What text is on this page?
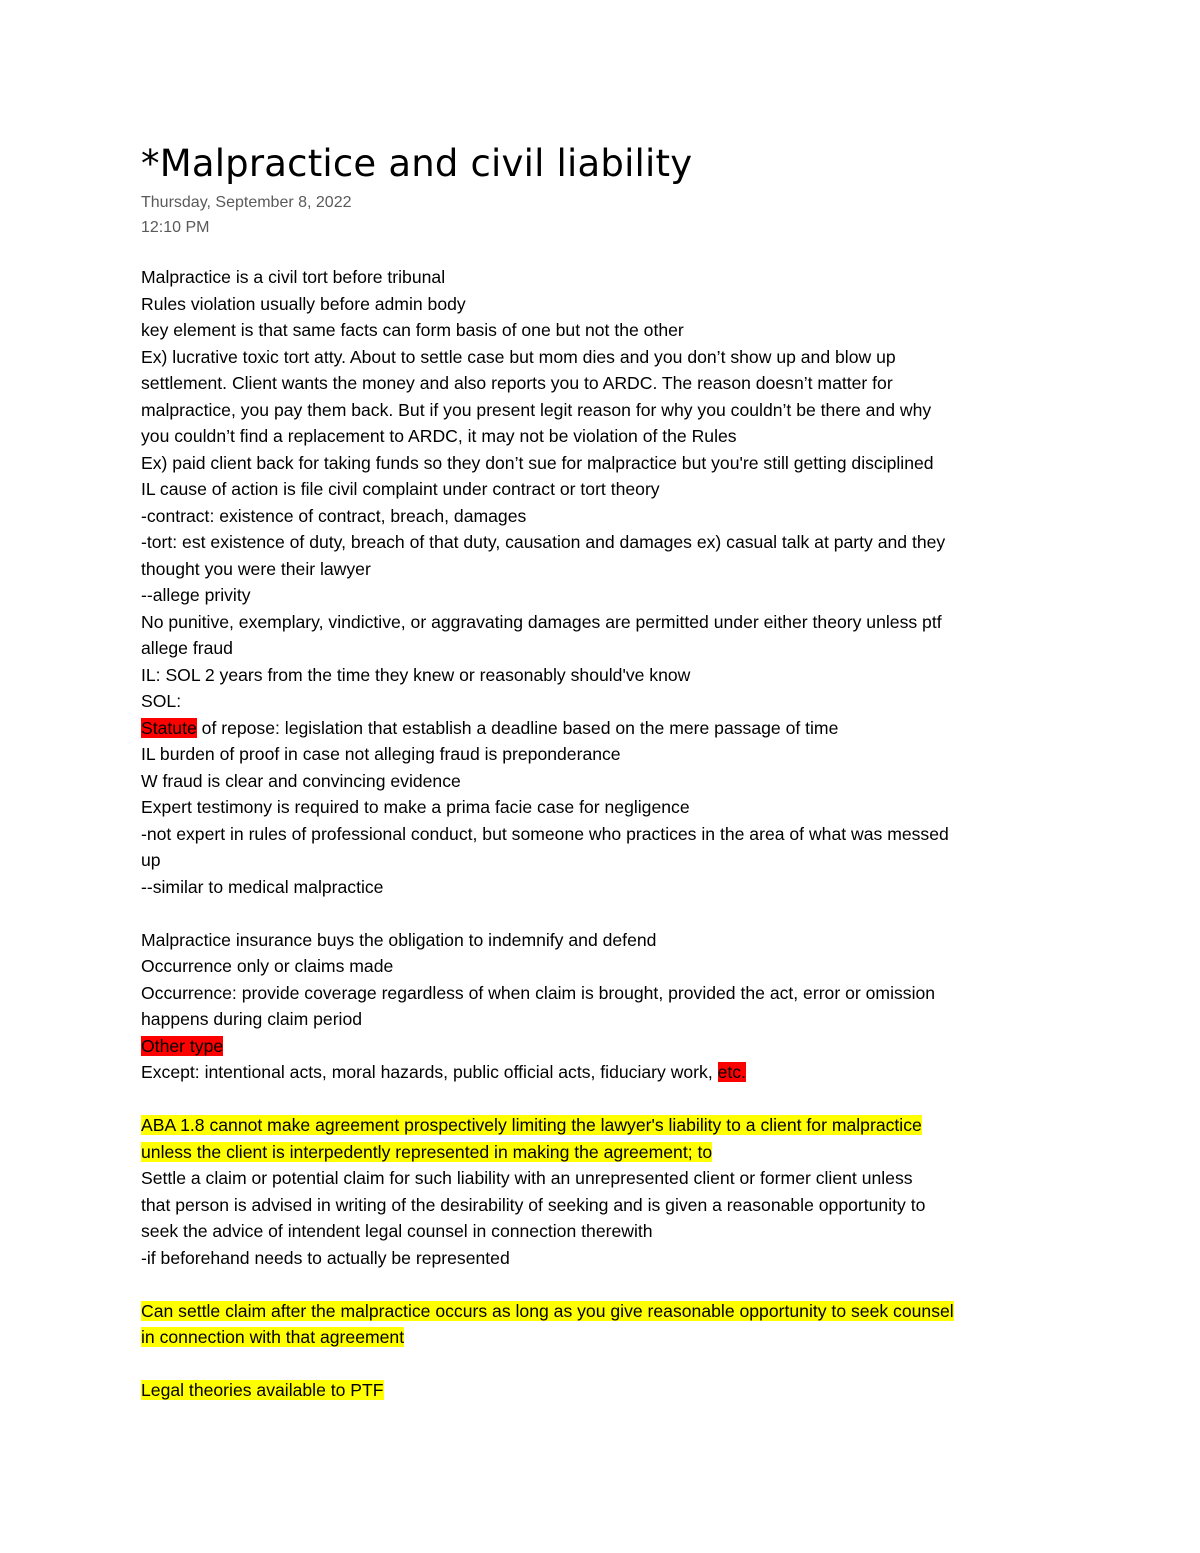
*Malpractice and civil liability
Thursday, September 8, 2022
12:10 PM
Malpractice is a civil tort before tribunal
Rules violation usually before admin body
key element is that same facts can form basis of one but not the other
Ex) lucrative toxic tort atty. About to settle case but mom dies and you don’t show up and blow up
settlement. Client wants the money and also reports you to ARDC. The reason doesn’t matter for
malpractice, you pay them back. But if you present legit reason for why you couldn’t be there and why
you couldn’t find a replacement to ARDC, it may not be violation of the Rules
Ex) paid client back for taking funds so they don’t sue for malpractice but you're still getting disciplined
IL cause of action is file civil complaint under contract or tort theory
-contract: existence of contract, breach, damages
-tort: est existence of duty, breach of that duty, causation and damages ex) casual talk at party and they
thought you were their lawyer
--allege privity
No punitive, exemplary, vindictive, or aggravating damages are permitted under either theory unless ptf
allege fraud
IL: SOL 2 years from the time they knew or reasonably should've know
SOL:
Statute of repose: legislation that establish a deadline based on the mere passage of time
IL burden of proof in case not alleging fraud is preponderance
W fraud is clear and convincing evidence
Expert testimony is required to make a prima facie case for negligence
-not expert in rules of professional conduct, but someone who practices in the area of what was messed
up
--similar to medical malpractice
Malpractice insurance buys the obligation to indemnify and defend
Occurrence only or claims made
Occurrence: provide coverage regardless of when claim is brought, provided the act, error or omission
happens during claim period
Other type
Except: intentional acts, moral hazards, public official acts, fiduciary work, etc.
ABA 1.8 cannot make agreement prospectively limiting the lawyer's liability to a client for malpractice
unless the client is interpedently represented in making the agreement; to
Settle a claim or potential claim for such liability with an unrepresented client or former client unless
that person is advised in writing of the desirability of seeking and is given a reasonable opportunity to
seek the advice of intendent legal counsel in connection therewith
-if beforehand needs to actually be represented
Can settle claim after the malpractice occurs as long as you give reasonable opportunity to seek counsel
in connection with that agreement
Legal theories available to PTF
